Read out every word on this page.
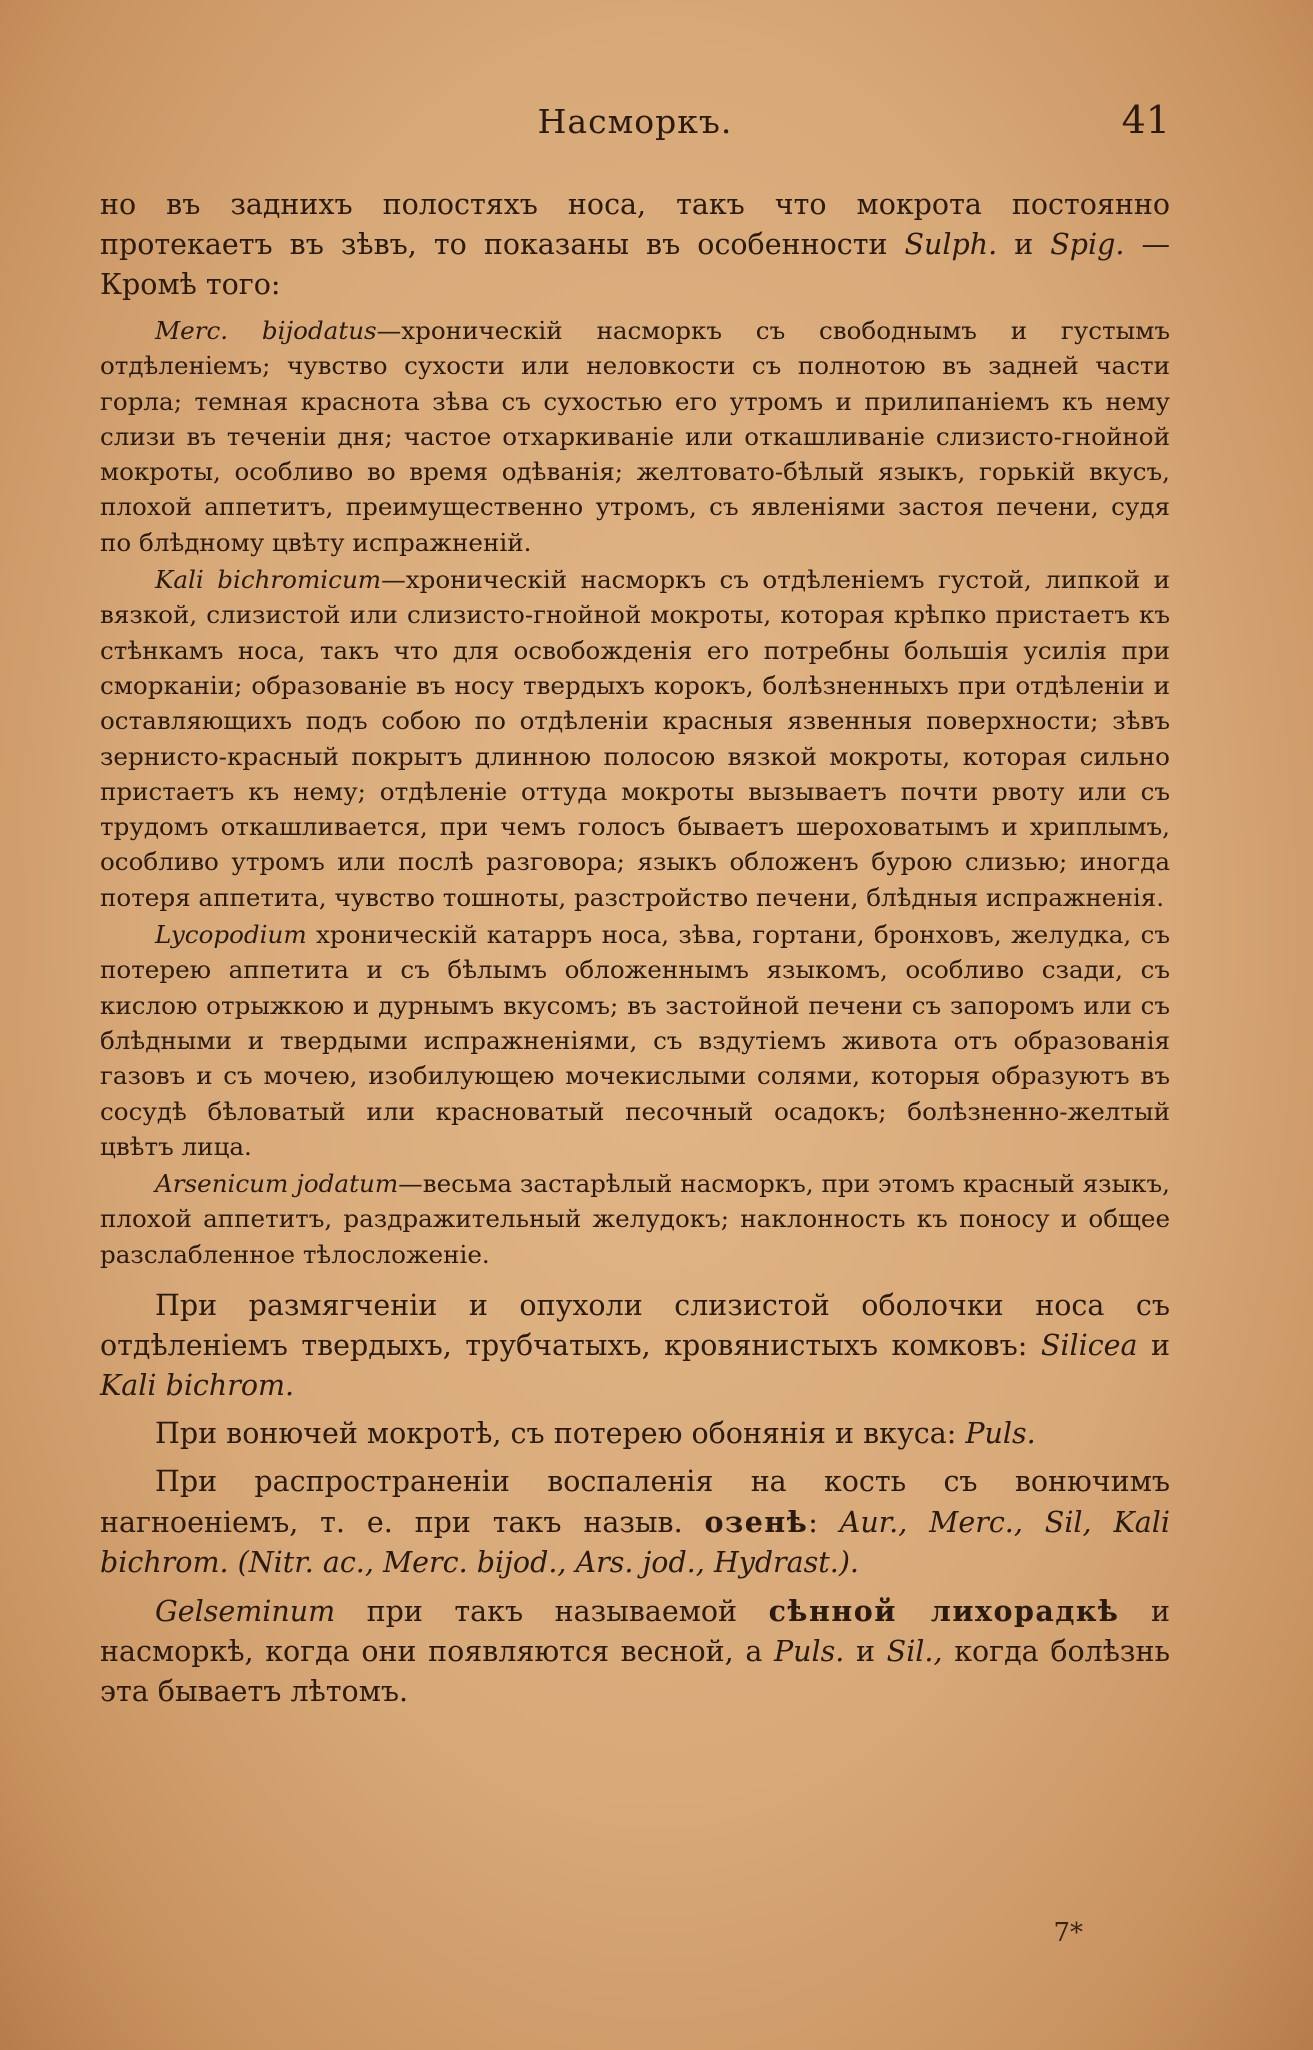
Насморкъ.	41

но въ заднихъ полостяхъ носа, такъ что мокрота постоянно протекаетъ въ зѣвъ, то показаны въ особенности Sulph. и Spig. — Кромѣ того:

Merc. bijodatus—хроническій насморкъ съ свободнымъ и густымъ отдѣленіемъ; чувство сухости или неловкости съ полнотою въ задней части горла; темная краснота зѣва съ сухостью его утромъ и прилипаніемъ къ нему слизи въ теченіи дня; частое отхаркиваніе или откашливаніе слизисто-гнойной мокроты, особливо во время одѣванія; желтовато-бѣлый языкъ, горькій вкусъ, плохой аппетитъ, преимущественно утромъ, съ явленіями застоя печени, судя по блѣдному цвѣту испражненій.

Kali bichromicum—хроническій насморкъ съ отдѣленіемъ густой, липкой и вязкой, слизистой или слизисто-гнойной мокроты, которая крѣпко пристаетъ къ стѣнкамъ носа, такъ что для освобожденія его потребны большія усилія при сморканіи; образованіе въ носу твердыхъ корокъ, болѣзненныхъ при отдѣленіи и оставляющихъ подъ собою по отдѣленіи красныя язвенныя поверхности; зѣвъ зернисто-красный покрытъ длинною полосою вязкой мокроты, которая сильно пристаетъ къ нему; отдѣленіе оттуда мокроты вызываетъ почти рвоту или съ трудомъ откашливается, при чемъ голосъ бываетъ шероховатымъ и хриплымъ, особливо утромъ или послѣ разговора; языкъ обложенъ бурою слизью; иногда потеря аппетита, чувство тошноты, разстройство печени, блѣдныя испражненія.

Lycopodium хроническій катарръ носа, зѣва, гортани, бронховъ, желудка, съ потерею аппетита и съ бѣлымъ обложеннымъ языкомъ, особливо сзади, съ кислою отрыжкою и дурнымъ вкусомъ; въ застойной печени съ запоромъ или съ блѣдными и твердыми испражненіями, съ вздутіемъ живота отъ образованія газовъ и съ мочею, изобилующею мочекислыми солями, которыя образуютъ въ сосудѣ бѣловатый или красноватый песочный осадокъ; болѣзненно-желтый цвѣтъ лица.

Arsenicum jodatum—весьма застарѣлый насморкъ, при этомъ красный языкъ, плохой аппетитъ, раздражительный желудокъ; наклонность къ поносу и общее разслабленное тѣлосложеніе.

При размягченіи и опухоли слизистой оболочки носа съ отдѣленіемъ твердыхъ, трубчатыхъ, кровянистыхъ комковъ: Silicea и Kali bichrom.

При вонючей мокротѣ, съ потерею обонянія и вкуса: Puls.

При распространеніи воспаленія на кость съ вонючимъ нагноеніемъ, т. е. при такъ назыв. озенѣ: Aur., Merc., Sil, Kali bichrom. (Nitr. ac., Merc. bijod., Ars. jod., Hydrast.).

Gelseminum при такъ называемой сѣнной лихорадкѣ и насморкѣ, когда они появляются весной, а Puls. и Sil., когда болѣзнь эта бываетъ лѣтомъ.

7*
